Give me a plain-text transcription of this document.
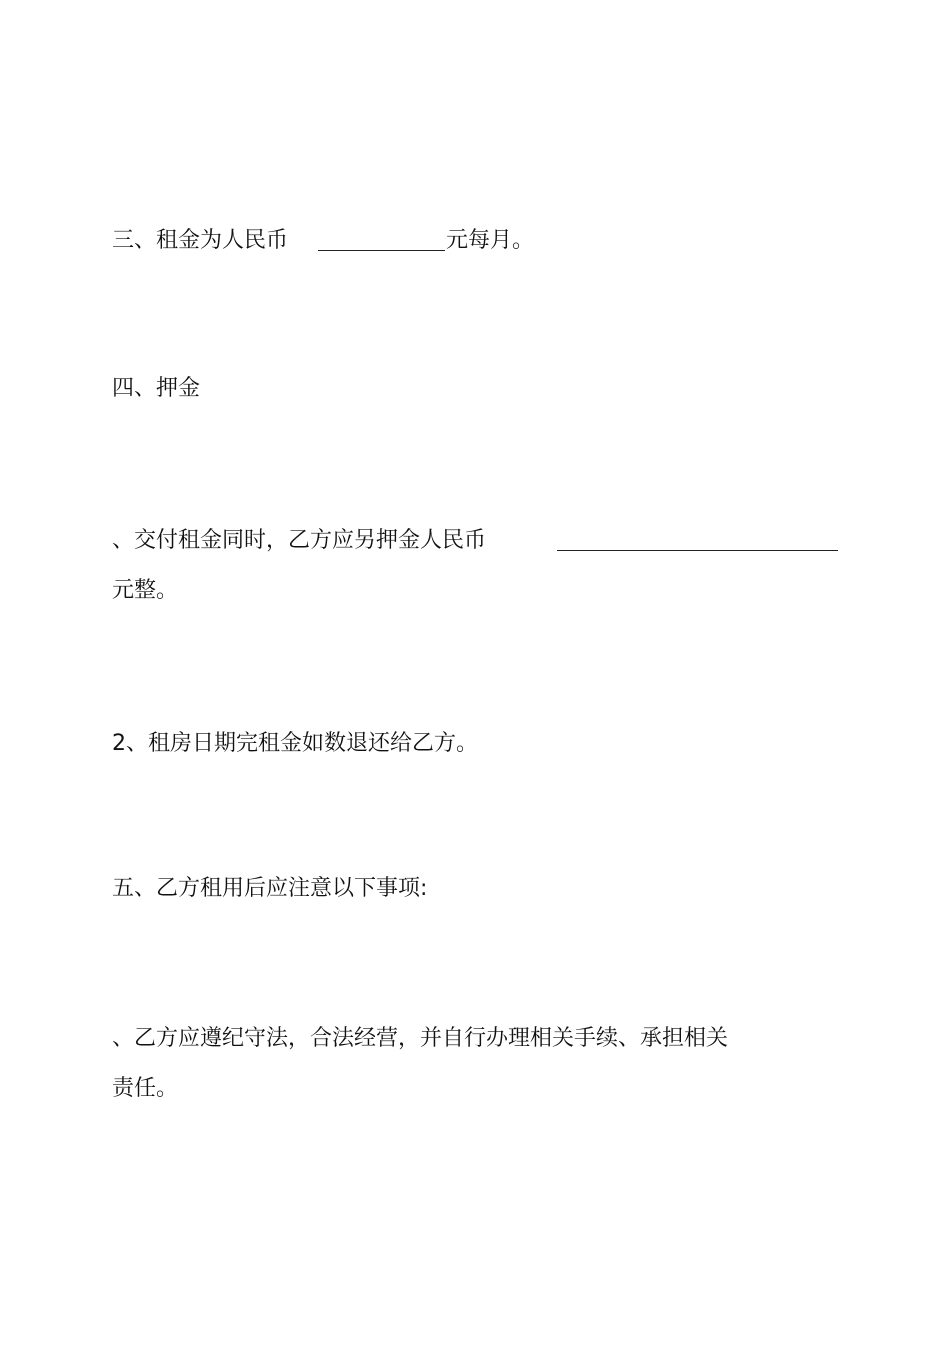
三、租金为人民币	元每月。
四、押金
、交付租金同时，乙方应另押金人民币
元整。
2、租房日期完租金如数退还给乙方。
五、乙方租用后应注意以下事项:
、乙方应遵纪守法，合法经营，并自行办理相关手续、承担相关
责任。
